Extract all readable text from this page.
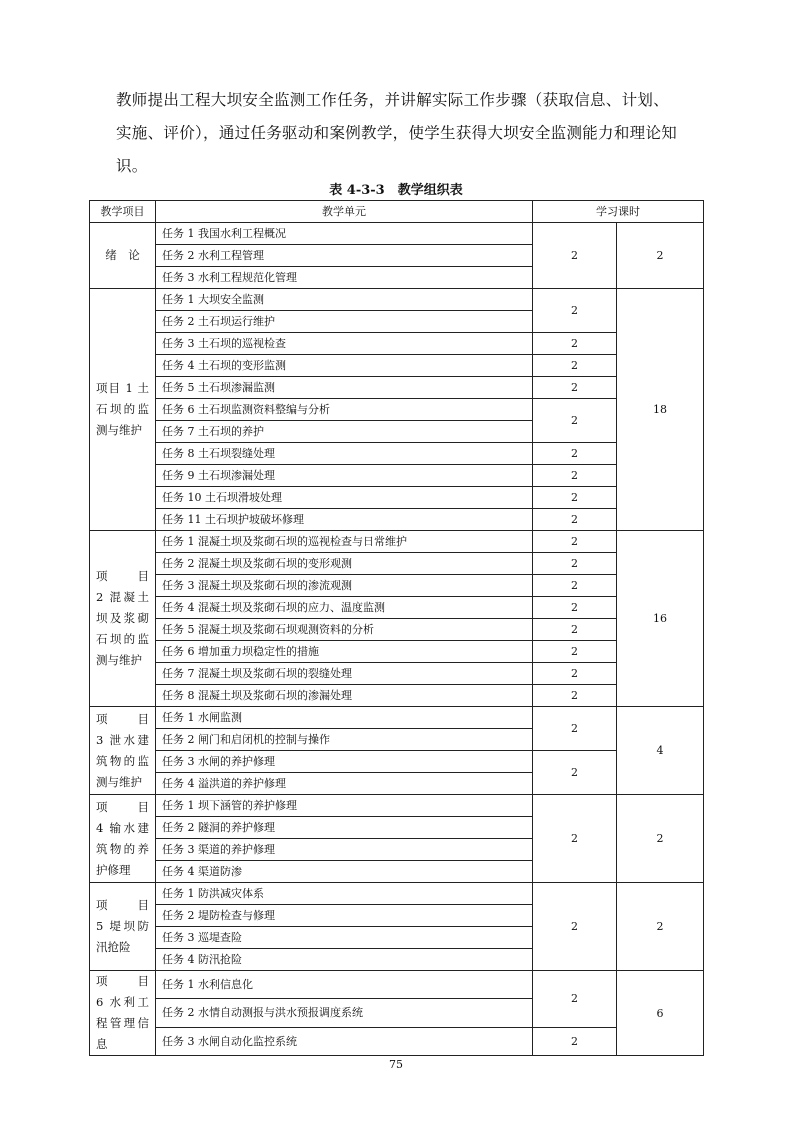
教师提出工程大坝安全监测工作任务，并讲解实际工作步骤（获取信息、计划、

实施、评价），通过任务驱动和案例教学，使学生获得大坝安全监测能力和理论知

识。

表 4-3-3　教学组织表
教学项目	教学单元	学习课时	
绪　论	任务 1 我国水利工程概况	2	2
	任务 2 水利工程管理		
	任务 3 水利工程规范化管理		
项目 1 土石坝的监测与维护	任务 1 大坝安全监测	2	18
	任务 2 土石坝运行维护		
	任务 3 土石坝的巡视检查	2	
	任务 4 土石坝的变形监测	2	
	任务 5 土石坝渗漏监测	2	
	任务 6 土石坝监测资料整编与分析	2	
	任务 7 土石坝的养护		
	任务 8 土石坝裂缝处理	2	
	任务 9 土石坝渗漏处理	2	
	任务 10 土石坝滑坡处理	2	
	任务 11 土石坝护坡破坏修理	2	
项　目　2 混凝土坝及浆砌石坝的监测与维护	任务 1 混凝土坝及浆砌石坝的巡视检查与日常维护	2	16
	任务 2 混凝土坝及浆砌石坝的变形观测	2	
	任务 3 混凝土坝及浆砌石坝的渗流观测	2	
	任务 4 混凝土坝及浆砌石坝的应力、温度监测	2	
	任务 5 混凝土坝及浆砌石坝观测资料的分析	2	
	任务 6 增加重力坝稳定性的措施	2	
	任务 7 混凝土坝及浆砌石坝的裂缝处理	2	
	任务 8 混凝土坝及浆砌石坝的渗漏处理	2	
项　目　3 泄水建筑物的监测与维护	任务 1 水闸监测	2	4
	任务 2 闸门和启闭机的控制与操作		
	任务 3 水闸的养护修理	2	
	任务 4 溢洪道的养护修理		
项　目　4 输水建筑物的养护修理	任务 1 坝下涵管的养护修理	2	2
	任务 2 隧洞的养护修理		
	任务 3 渠道的养护修理		
	任务 4 渠道防渗		
项　目　5 堤坝防汛抢险	任务 1 防洪减灾体系	2	2
	任务 2 堤防检查与修理		
	任务 3 巡堤查险		
	任务 4 防汛抢险		
项　目　6 水利工程管理信息	任务 1 水利信息化	2	6
	任务 2 水情自动测报与洪水预报调度系统		
	任务 3 水闸自动化监控系统	2	
75
